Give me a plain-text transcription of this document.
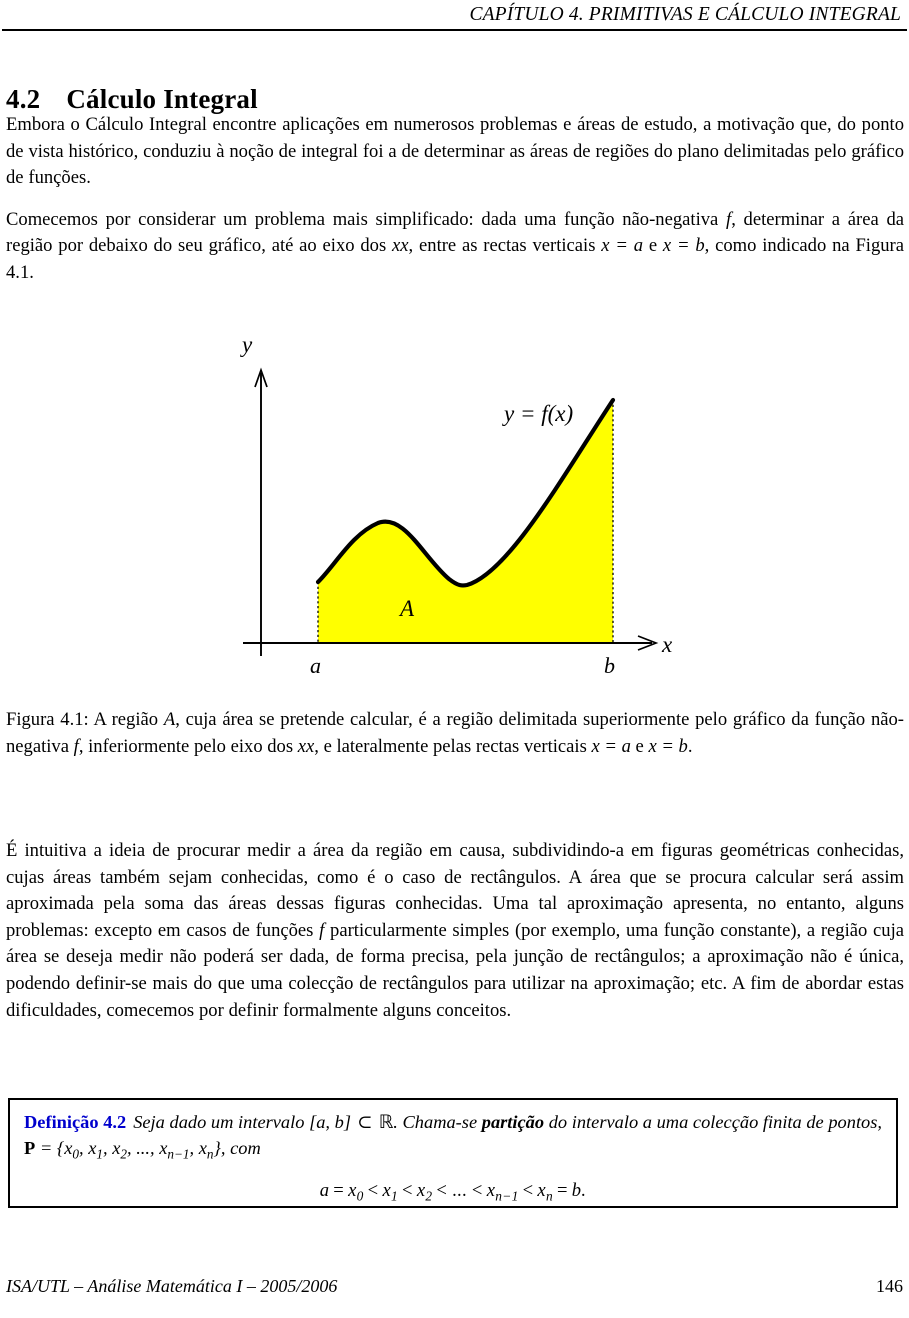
CAPÍTULO 4. PRIMITIVAS E CÁLCULO INTEGRAL
4.2 Cálculo Integral

Embora o Cálculo Integral encontre aplicações em numerosos problemas e áreas de estudo, a motivação que, do ponto de vista histórico, conduziu à noção de integral foi a de determinar as áreas de regiões do plano delimitadas pelo gráfico de funções.

Comecemos por considerar um problema mais simplificado: dada uma função não-negativa f, determinar a área da região por debaixo do seu gráfico, até ao eixo dos xx, entre as rectas verticais x = a e x = b, como indicado na Figura 4.1.

y
x
y = f(x)
A
a	b

Figura 4.1: A região A, cuja área se pretende calcular, é a região delimitada superiormente pelo gráfico da função não-negativa f, inferiormente pelo eixo dos xx, e lateralmente pelas rectas verticais x = a e x = b.

É intuitiva a ideia de procurar medir a área da região em causa, subdividindo-a em figuras geométricas conhecidas, cujas áreas também sejam conhecidas, como é o caso de rectângulos. A área que se procura calcular será assim aproximada pela soma das áreas dessas figuras conhecidas. Uma tal aproximação apresenta, no entanto, alguns problemas: excepto em casos de funções f particularmente simples (por exemplo, uma função constante), a região cuja área se deseja medir não poderá ser dada, de forma precisa, pela junção de rectângulos; a aproximação não é única, podendo definir-se mais do que uma colecção de rectângulos para utilizar na aproximação; etc. A fim de abordar estas dificuldades, comecemos por definir formalmente alguns conceitos.

Definição 4.2 Seja dado um intervalo [a, b] ⊂ ℝ. Chama-se partição do intervalo a uma colecção finita de pontos, $P = \{x_0$, $x_1$, $x_2$, ..., $x_{n-1}$, $x_n$}, com
$a = x_0 < x_1 < x_2$ < ... < $x_{n-1} < x_n = b$.
ISA/UTL – Análise Matemática I – 2005/2006	146
